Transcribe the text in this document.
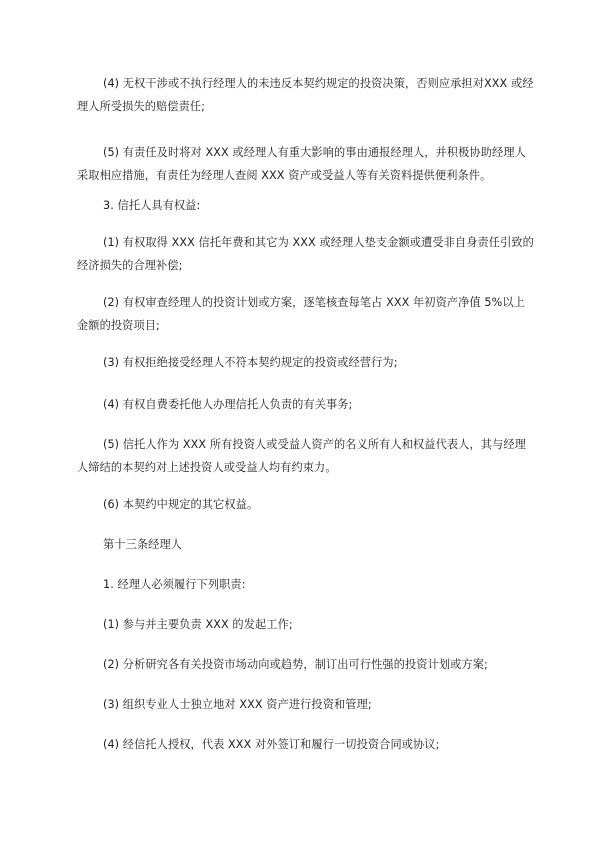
(4) 无权干涉或不执行经理人的未违反本契约规定的投资决策，否则应承担对XXX 或经理人所受损失的赔偿责任;

(5) 有责任及时将对 XXX 或经理人有重大影响的事由通报经理人，并积极协助经理人采取相应措施，有责任为经理人查阅 XXX 资产或受益人等有关资料提供便利条件。

3. 信托人具有权益:

(1) 有权取得 XXX 信托年费和其它为 XXX 或经理人垫支金额或遭受非自身责任引致的经济损失的合理补偿;

(2) 有权审查经理人的投资计划或方案，逐笔核查每笔占 XXX 年初资产净值 5%以上金额的投资项目;

(3) 有权拒绝接受经理人不符本契约规定的投资或经营行为;

(4) 有权自费委托他人办理信托人负责的有关事务;

(5) 信托人作为 XXX 所有投资人或受益人资产的名义所有人和权益代表人，其与经理人缔结的本契约对上述投资人或受益人均有约束力。

(6) 本契约中规定的其它权益。

第十三条经理人

1. 经理人必须履行下列职责:

(1) 参与并主要负责 XXX 的发起工作;

(2) 分析研究各有关投资市场动向或趋势，制订出可行性强的投资计划或方案;

(3) 组织专业人士独立地对 XXX 资产进行投资和管理;

(4) 经信托人授权，代表 XXX 对外签订和履行一切投资合同或协议;
